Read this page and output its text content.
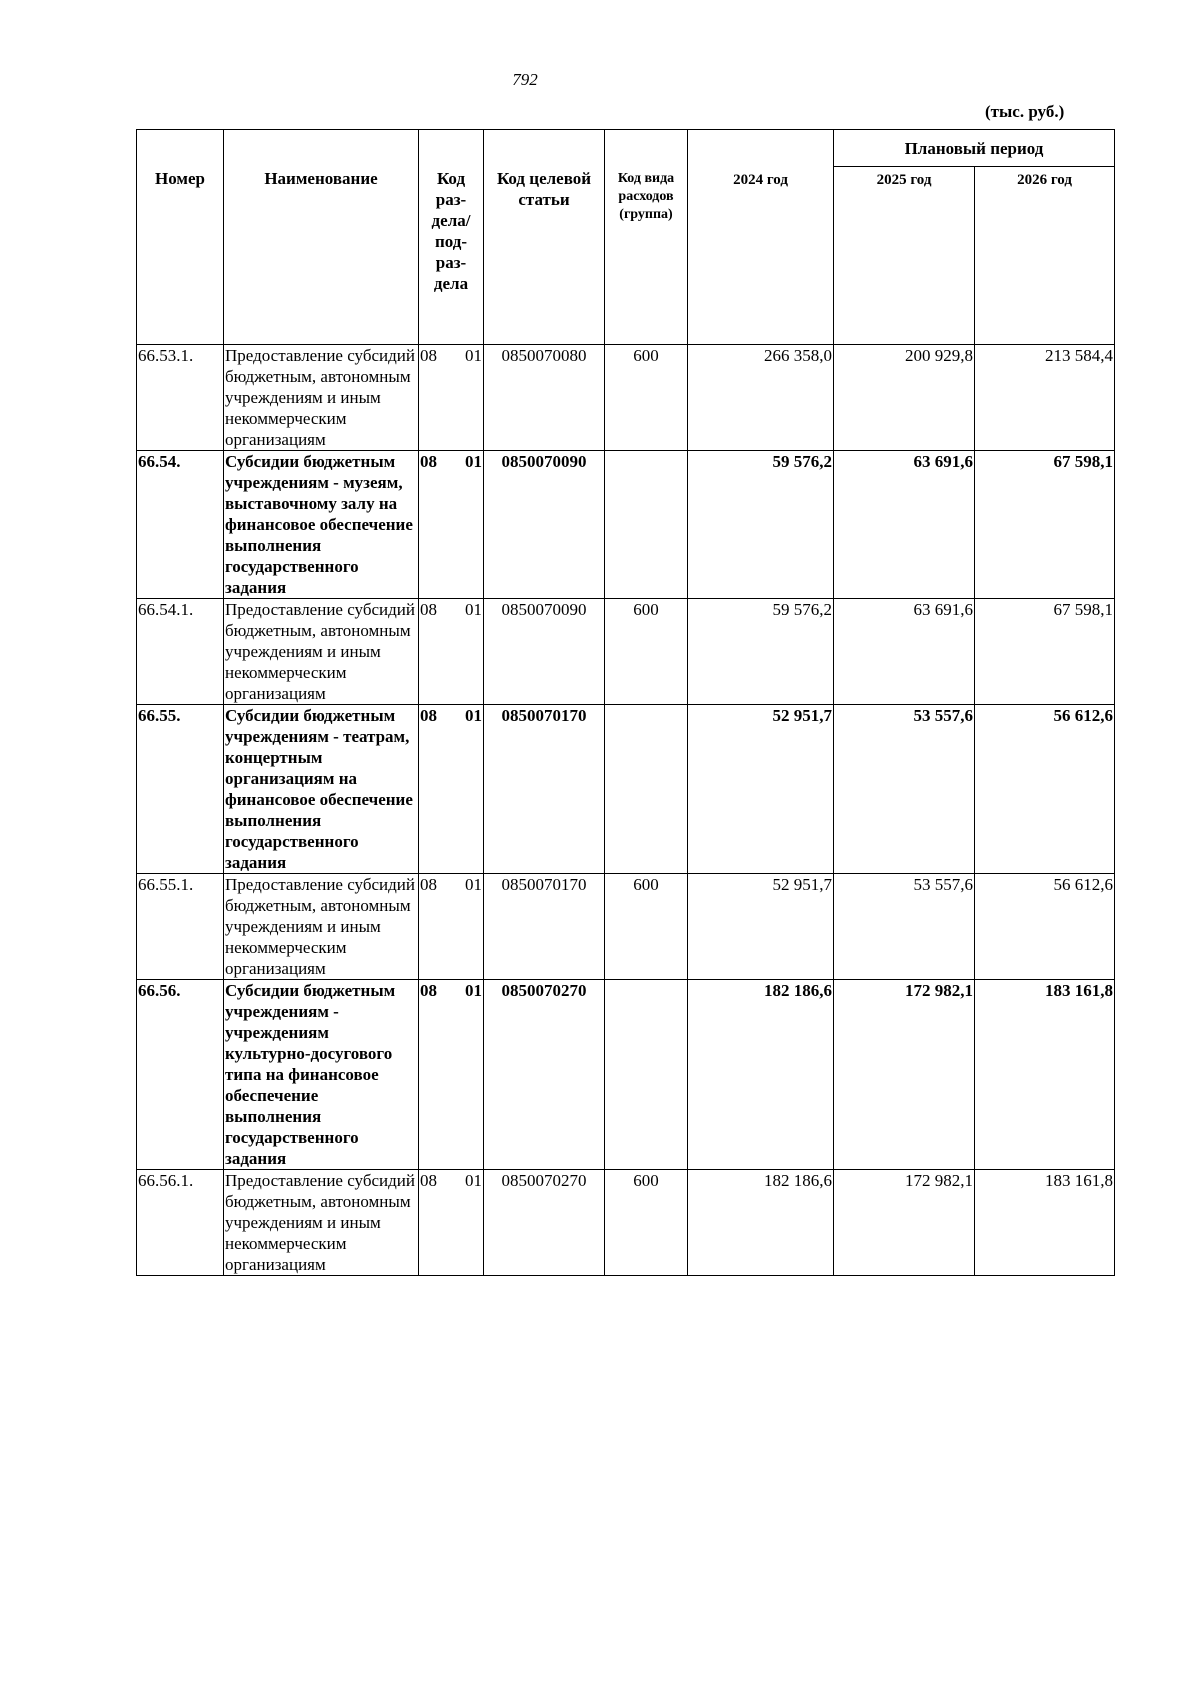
792
(тыс. руб.)
Номер	Наименование	Код раз-дела/ под-раз-дела	Код целевой статьи	Код вида расходов (группа)	2024 год	Плановый период	
						2025 год	2026 год
66.53.1.	Предоставление субсидий бюджетным, автономным учреждениям и иным некоммерческим организациям	08 01	0850070080	600	266 358,0	200 929,8	213 584,4
66.54.	Субсидии бюджетным учреждениям - музеям, выставочному залу на финансовое обеспечение выполнения государственного задания	08 01	0850070090		59 576,2	63 691,6	67 598,1
66.54.1.	Предоставление субсидий бюджетным, автономным учреждениям и иным некоммерческим организациям	08 01	0850070090	600	59 576,2	63 691,6	67 598,1
66.55.	Субсидии бюджетным учреждениям - театрам, концертным организациям на финансовое обеспечение выполнения государственного задания	08 01	0850070170		52 951,7	53 557,6	56 612,6
66.55.1.	Предоставление субсидий бюджетным, автономным учреждениям и иным некоммерческим организациям	08 01	0850070170	600	52 951,7	53 557,6	56 612,6
66.56.	Субсидии бюджетным учреждениям - учреждениям культурно-досугового типа на финансовое обеспечение выполнения государственного задания	08 01	0850070270		182 186,6	172 982,1	183 161,8
66.56.1.	Предоставление субсидий бюджетным, автономным учреждениям и иным некоммерческим организациям	08 01	0850070270	600	182 186,6	172 982,1	183 161,8
